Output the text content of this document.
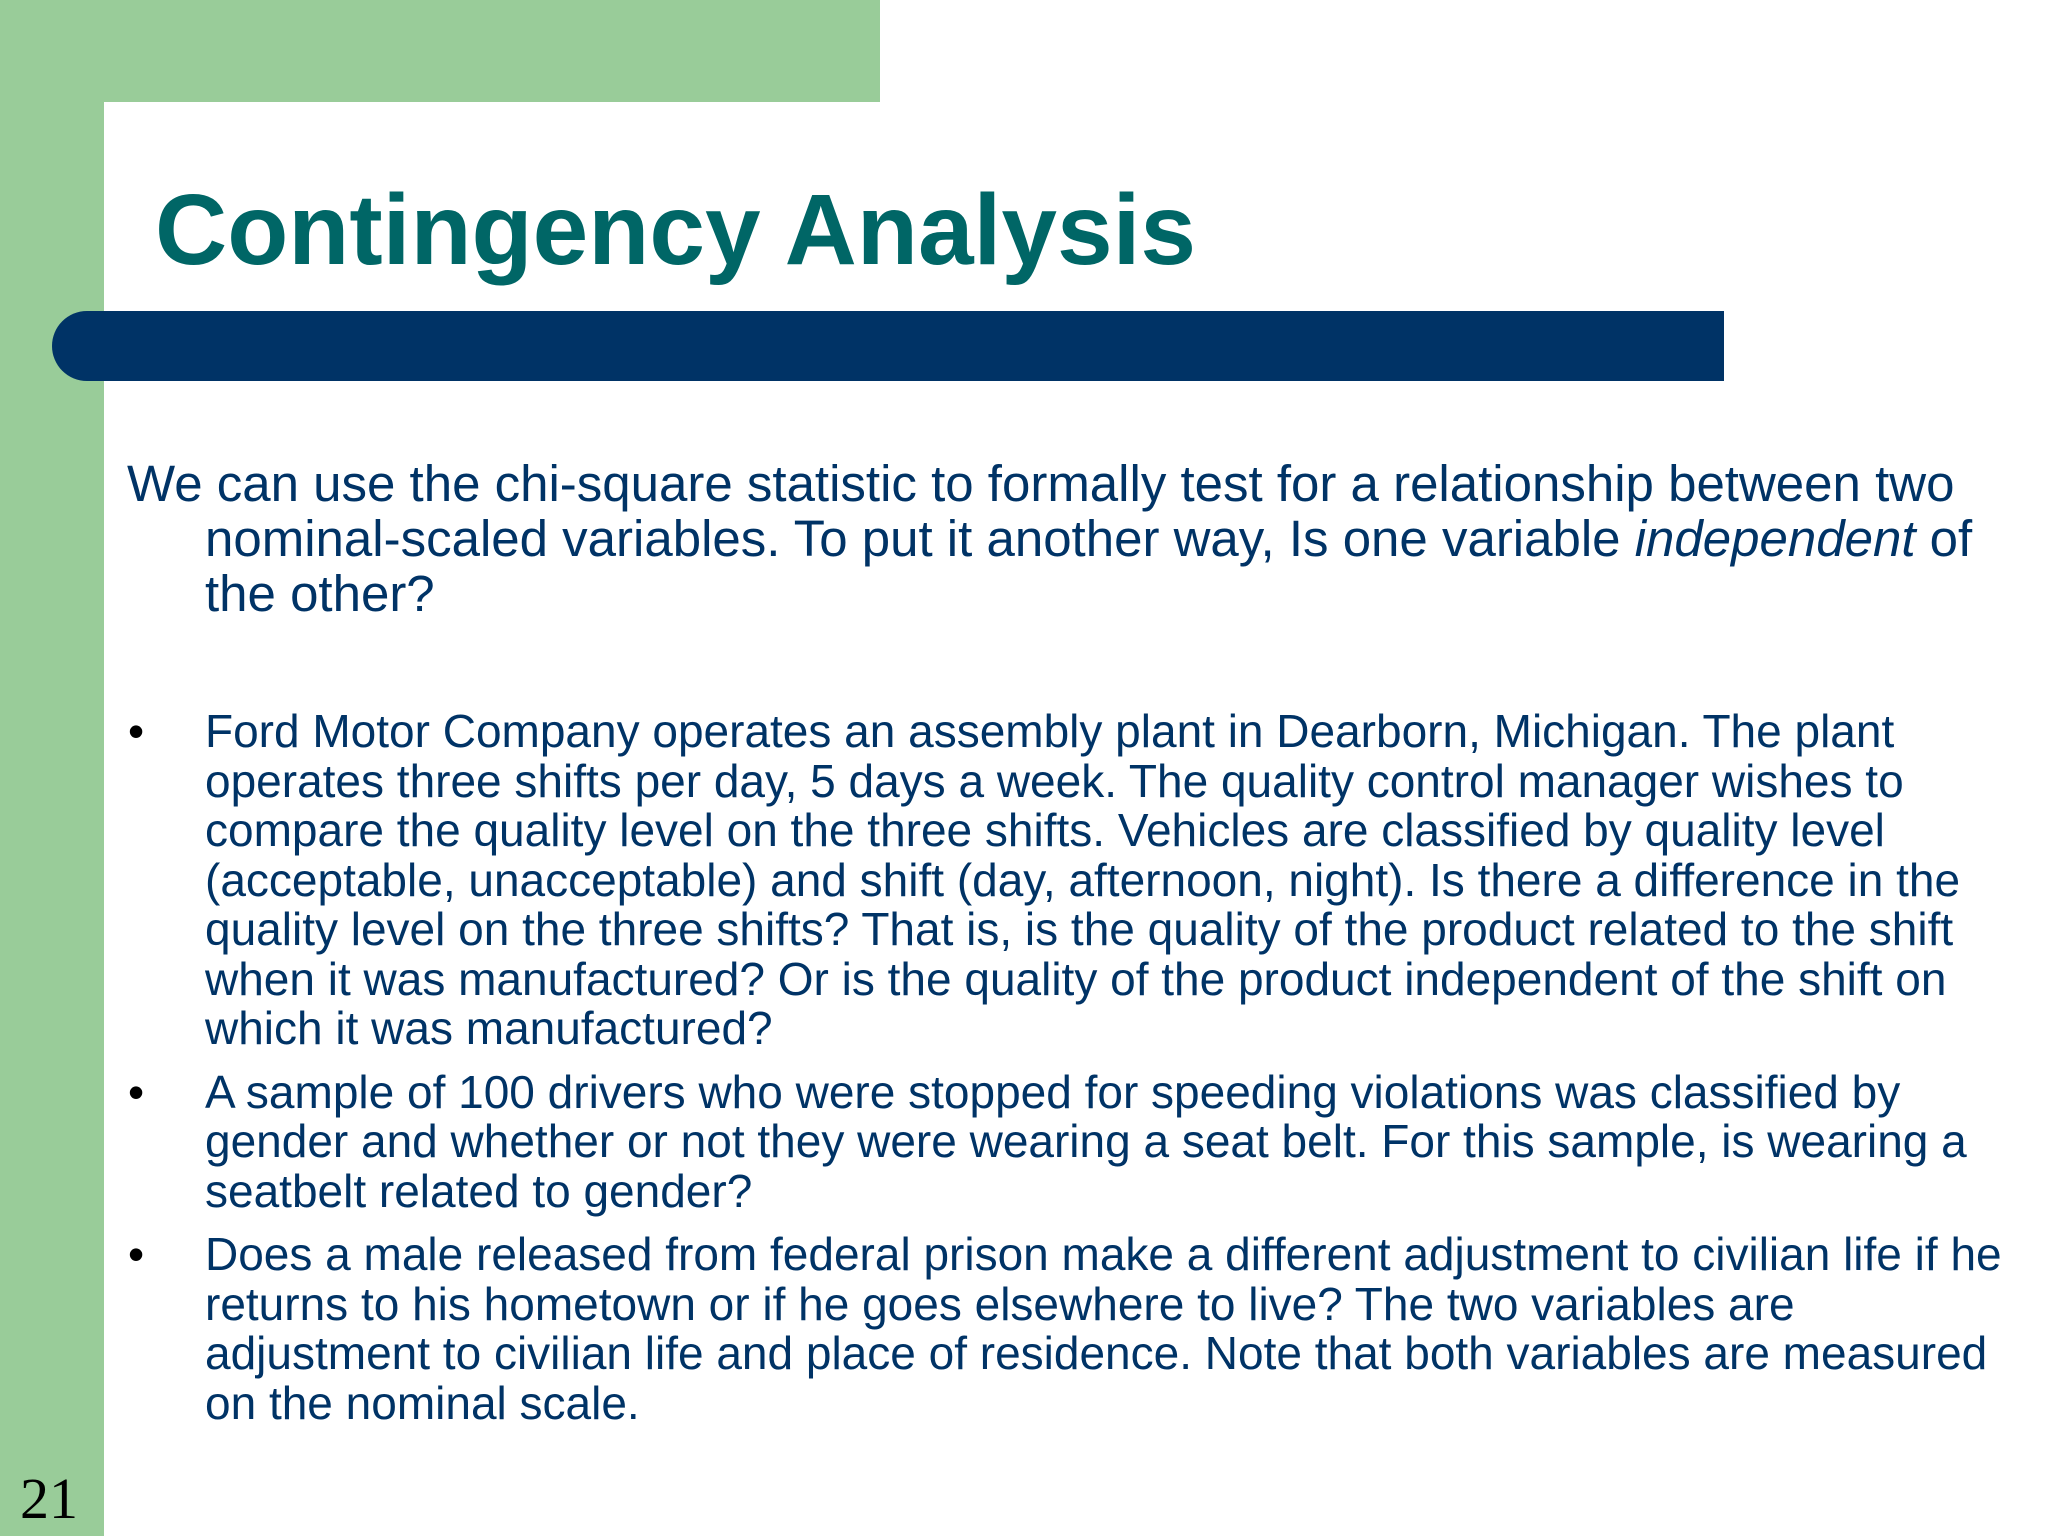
Contingency Analysis

We can use the chi-square statistic to formally test for a relationship between two nominal-scaled variables. To put it another way, Is one variable independent of the other?

• Ford Motor Company operates an assembly plant in Dearborn, Michigan. The plant operates three shifts per day, 5 days a week. The quality control manager wishes to compare the quality level on the three shifts. Vehicles are classified by quality level (acceptable, unacceptable) and shift (day, afternoon, night). Is there a difference in the quality level on the three shifts? That is, is the quality of the product related to the shift when it was manufactured? Or is the quality of the product independent of the shift on which it was manufactured?
• A sample of 100 drivers who were stopped for speeding violations was classified by gender and whether or not they were wearing a seat belt. For this sample, is wearing a seatbelt related to gender?
• Does a male released from federal prison make a different adjustment to civilian life if he returns to his hometown or if he goes elsewhere to live? The two variables are adjustment to civilian life and place of residence. Note that both variables are measured on the nominal scale.
21
